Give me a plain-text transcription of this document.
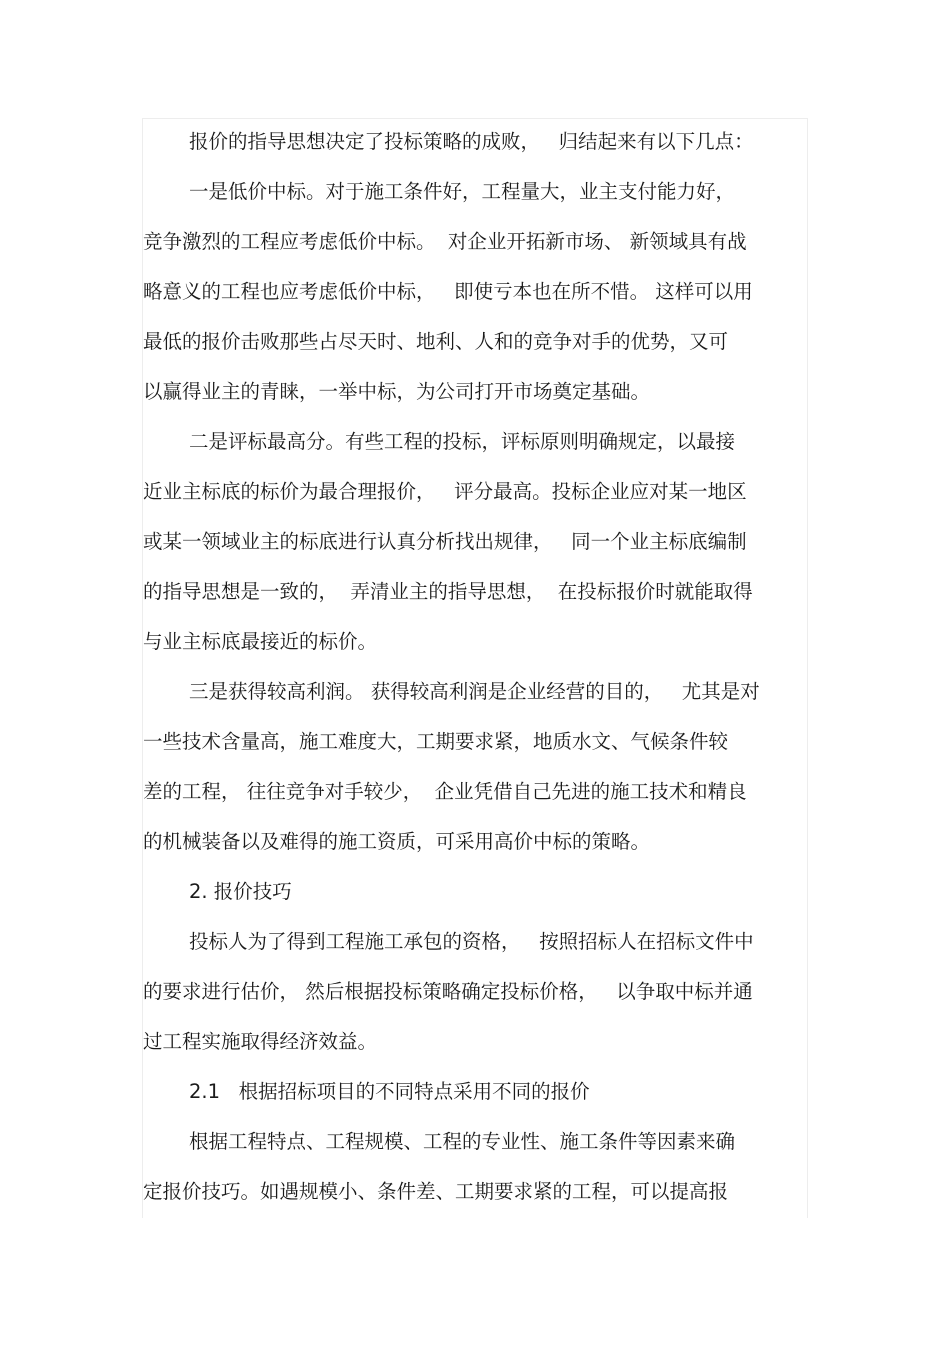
报价的指导思想决定了投标策略的成败，   归结起来有以下几点：
一是低价中标。对于施工条件好，工程量大，业主支付能力好，
竞争激烈的工程应考虑低价中标。  对企业开拓新市场、 新领域具有战
略意义的工程也应考虑低价中标，   即使亏本也在所不惜。 这样可以用
最低的报价击败那些占尽天时、地利、人和的竞争对手的优势，又可
以赢得业主的青睐，一举中标，为公司打开市场奠定基础。
二是评标最高分。有些工程的投标，评标原则明确规定，以最接
近业主标底的标价为最合理报价，   评分最高。投标企业应对某一地区
或某一领域业主的标底进行认真分析找出规律，   同一个业主标底编制
的指导思想是一致的，  弄清业主的指导思想，  在投标报价时就能取得
与业主标底最接近的标价。
三是获得较高利润。 获得较高利润是企业经营的目的，   尤其是对
一些技术含量高，施工难度大，工期要求紧，地质水文、气候条件较
差的工程， 往往竞争对手较少，  企业凭借自己先进的施工技术和精良
的机械装备以及难得的施工资质，可采用高价中标的策略。
2. 报价技巧
投标人为了得到工程施工承包的资格，   按照招标人在招标文件中
的要求进行估价， 然后根据投标策略确定投标价格，   以争取中标并通
过工程实施取得经济效益。
2.1   根据招标项目的不同特点采用不同的报价
根据工程特点、工程规模、工程的专业性、施工条件等因素来确
定报价技巧。如遇规模小、条件差、工期要求紧的工程，可以提高报
